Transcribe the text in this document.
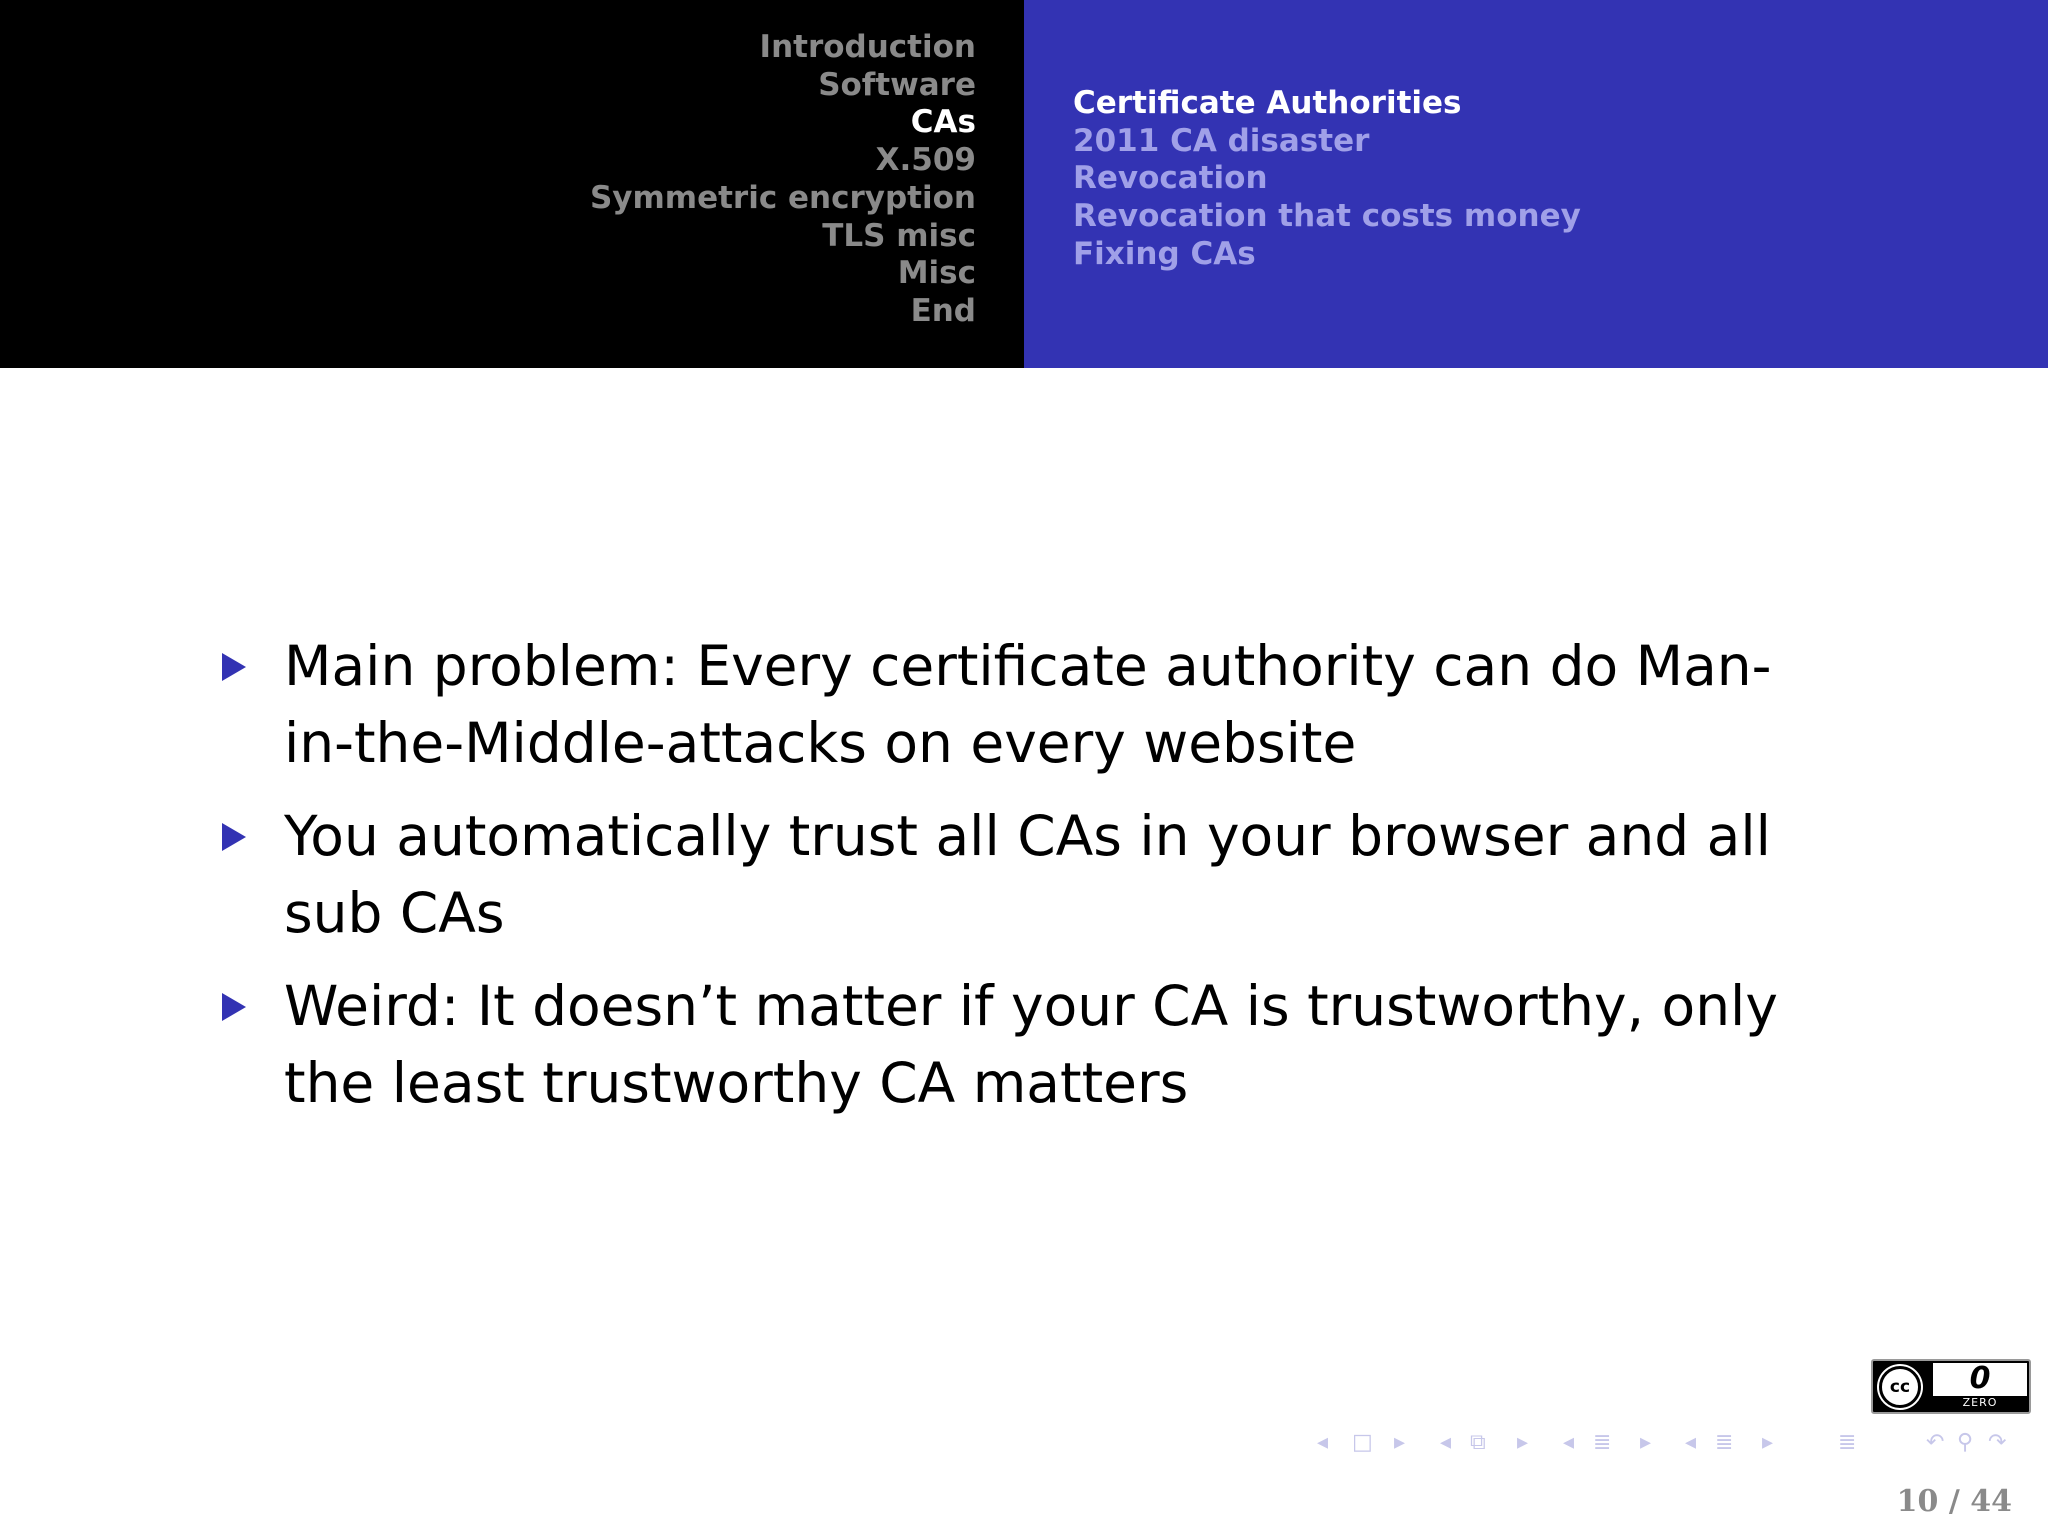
Introduction
Software
CAs
X.509
Symmetric encryption
TLS misc
Misc
End
Certificate Authorities
2011 CA disaster
Revocation
Revocation that costs money
Fixing CAs
Main problem: Every certificate authority can do Man-in-the-Middle-attacks on every website
You automatically trust all CAs in your browser and all sub CAs
Weird: It doesn’t matter if your CA is trustworthy, only the least trustworthy CA matters
cc	0
ZERO
◂ □ ▸ ◂ ⧉ ▸ ◂ ≣ ▸ ◂ ≣ ▸	≣	↶ ⚲ ↷
10 / 44
